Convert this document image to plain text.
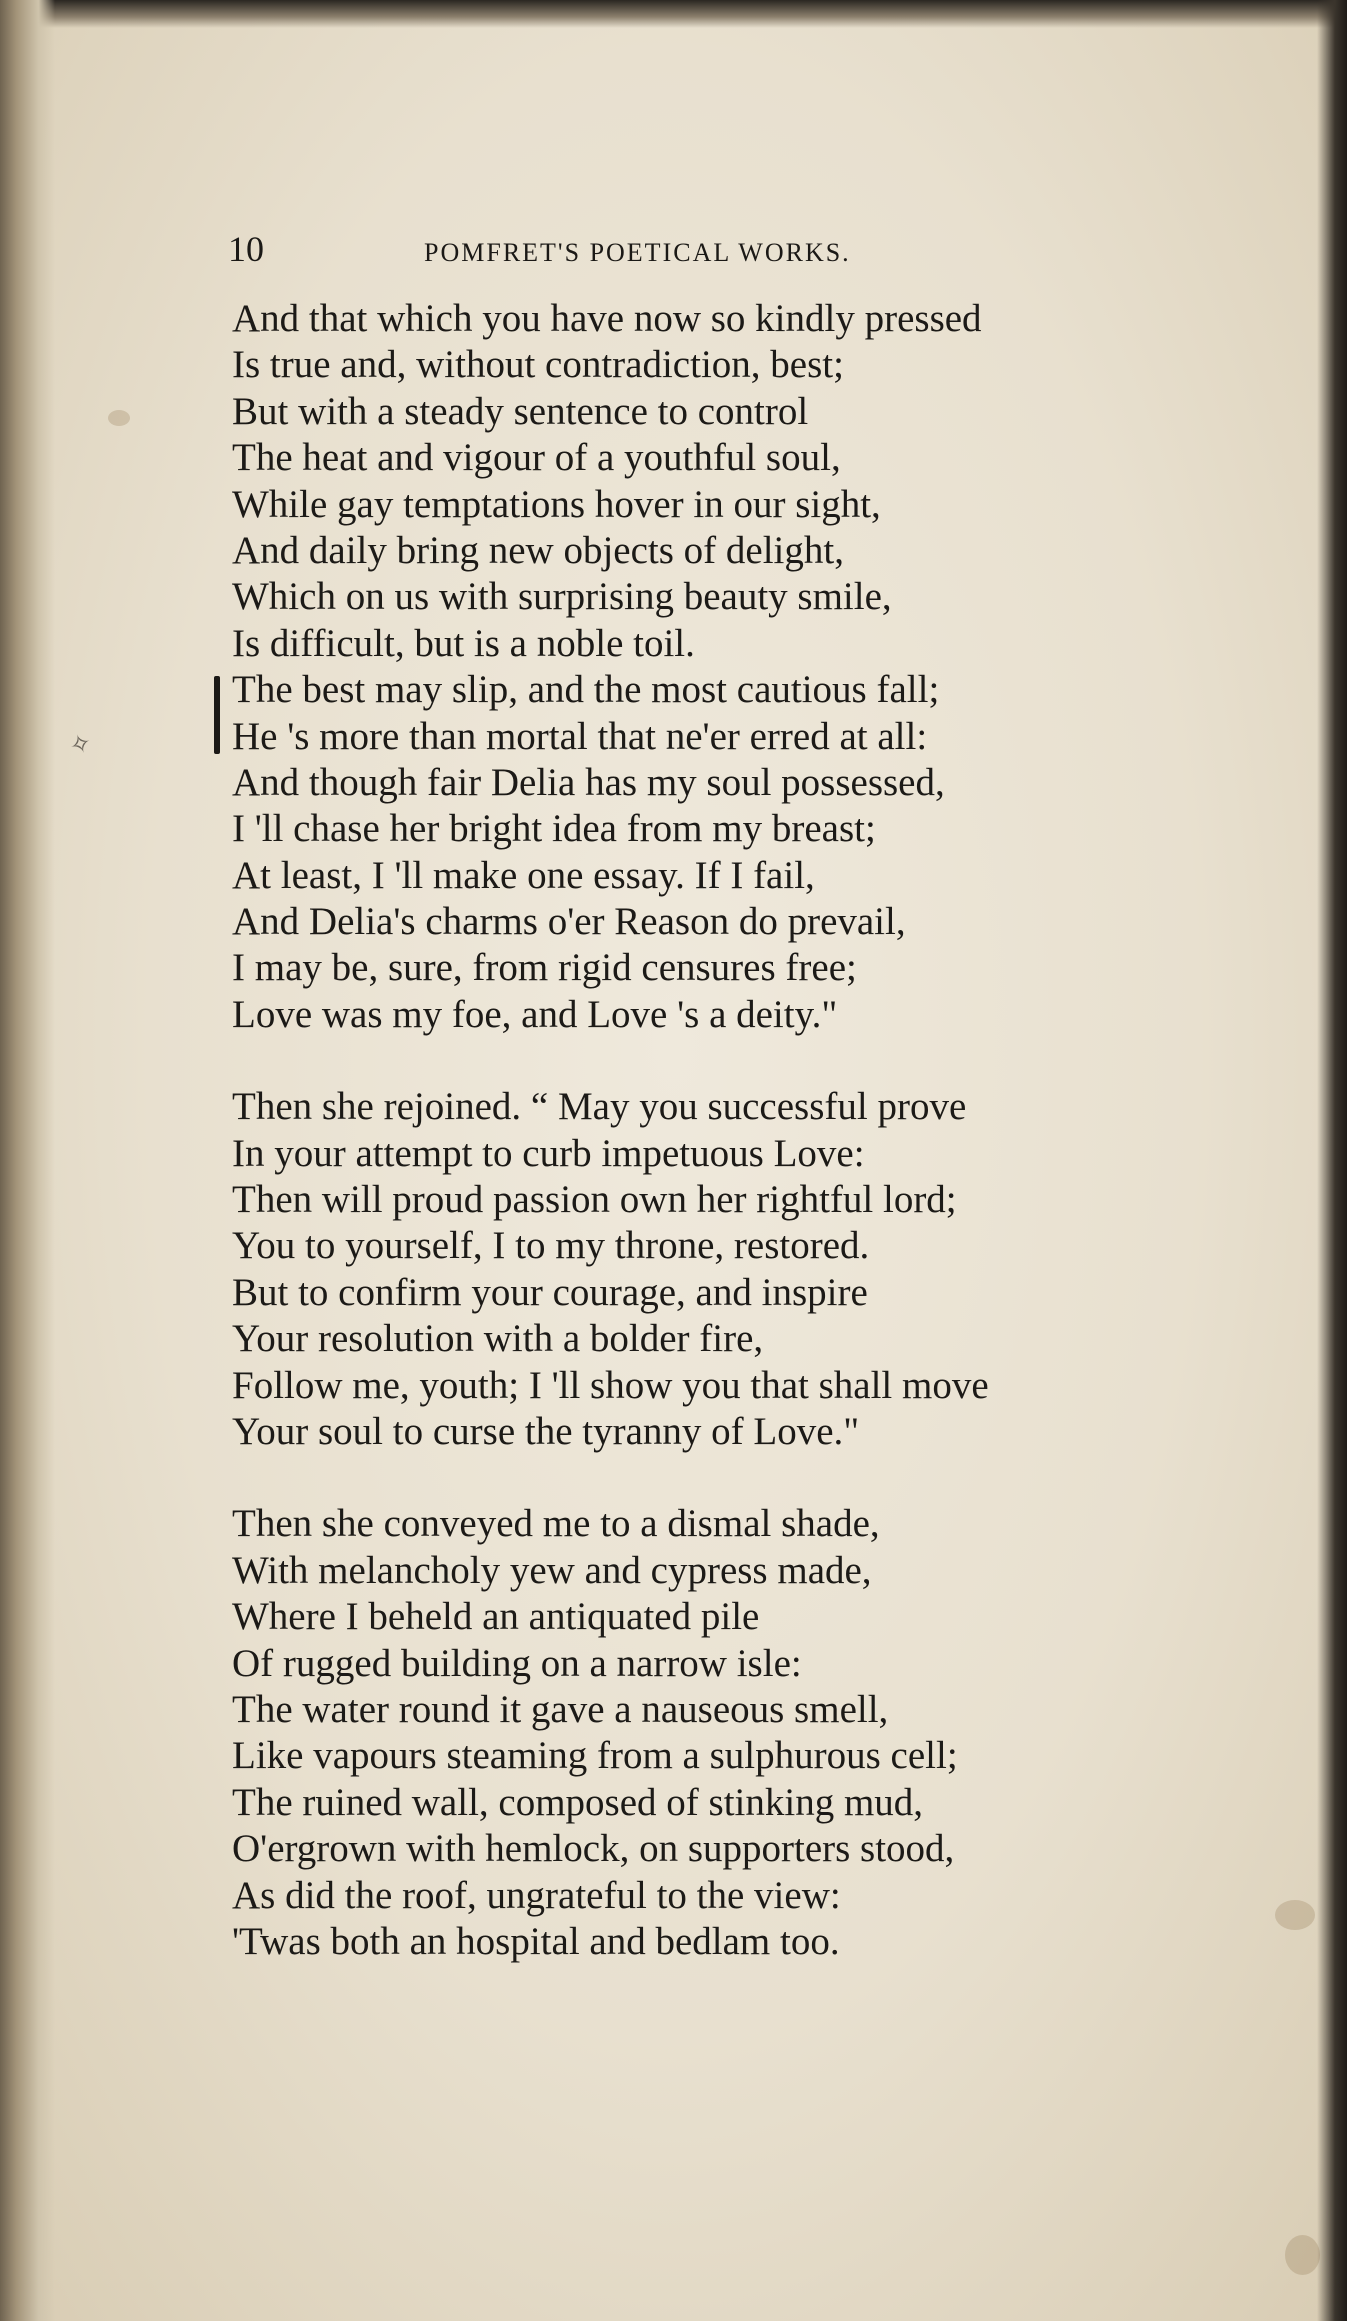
✧
10	POMFRET'S POETICAL WORKS.
And that which you have now so kindly pressed
Is true and, without contradiction, best;
But with a steady sentence to control
The heat and vigour of a youthful soul,
While gay temptations hover in our sight,
And daily bring new objects of delight,
Which on us with surprising beauty smile,
Is difficult, but is a noble toil.
The best may slip, and the most cautious fall;
He 's more than mortal that ne'er erred at all:
And though fair Delia has my soul possessed,
I 'll chase her bright idea from my breast;
At least, I 'll make one essay. If I fail,
And Delia's charms o'er Reason do prevail,
I may be, sure, from rigid censures free;
Love was my foe, and Love 's a deity."
Then she rejoined. “ May you successful prove
In your attempt to curb impetuous Love:
Then will proud passion own her rightful lord;
You to yourself, I to my throne, restored.
But to confirm your courage, and inspire
Your resolution with a bolder fire,
Follow me, youth; I 'll show you that shall move
Your soul to curse the tyranny of Love."
Then she conveyed me to a dismal shade,
With melancholy yew and cypress made,
Where I beheld an antiquated pile
Of rugged building on a narrow isle:
The water round it gave a nauseous smell,
Like vapours steaming from a sulphurous cell;
The ruined wall, composed of stinking mud,
O'ergrown with hemlock, on supporters stood,
As did the roof, ungrateful to the view:
'Twas both an hospital and bedlam too.
